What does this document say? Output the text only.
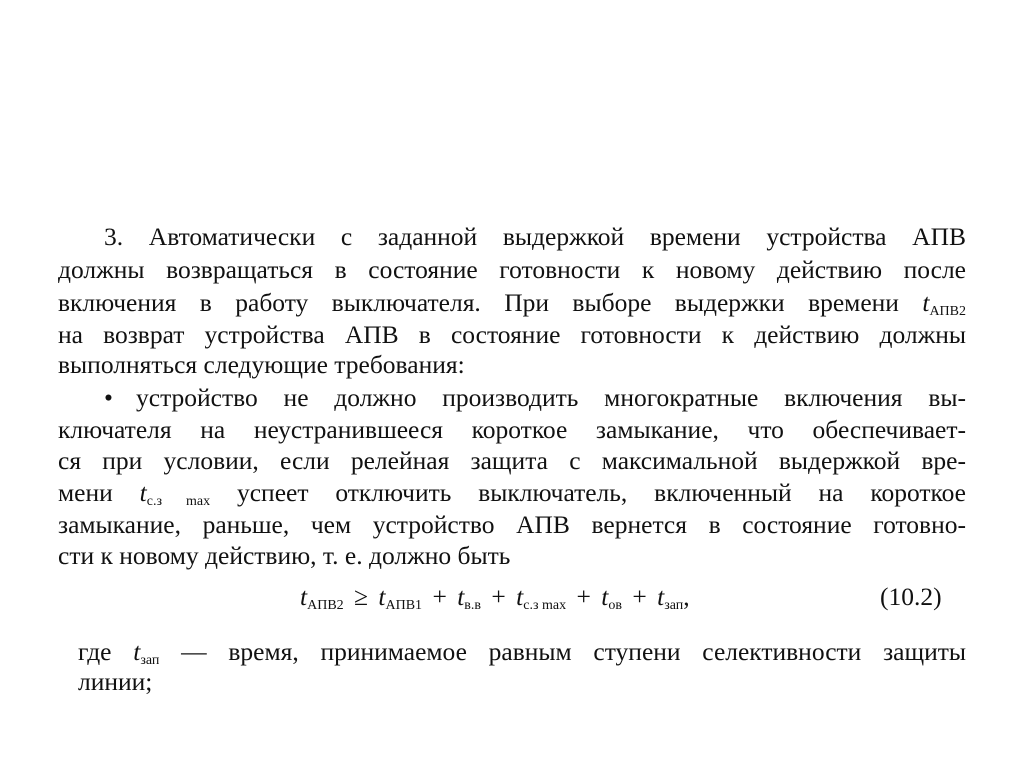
3. Автоматически с заданной выдержкой времени устройства АПВ
должны возвращаться в состояние готовности к новому действию после
включения в работу выключателя. При выборе выдержки времени $t_{АПВ2}$
на возврат устройства АПВ в состояние готовности к действию должны
выполняться следующие требования:
• устройство не должно производить многократные включения вы-
ключателя на неустранившееся короткое замыкание, что обеспечивает-
ся при условии, если релейная защита с максимальной выдержкой вре-
мени $t_{с.з max}$ успеет отключить выключатель, включенный на короткое
замыкание, раньше, чем устройство АПВ вернется в состояние готовно-
сти к новому действию, т. е. должно быть
$t_{АПВ2} \ge t_{АПВ1} + t_{в.в} + t_{с.з max} + t_{ов} + t_{зап}$,	(10.2)
где $t_{зап}$ — время, принимаемое равным ступени селективности защиты
линии;
